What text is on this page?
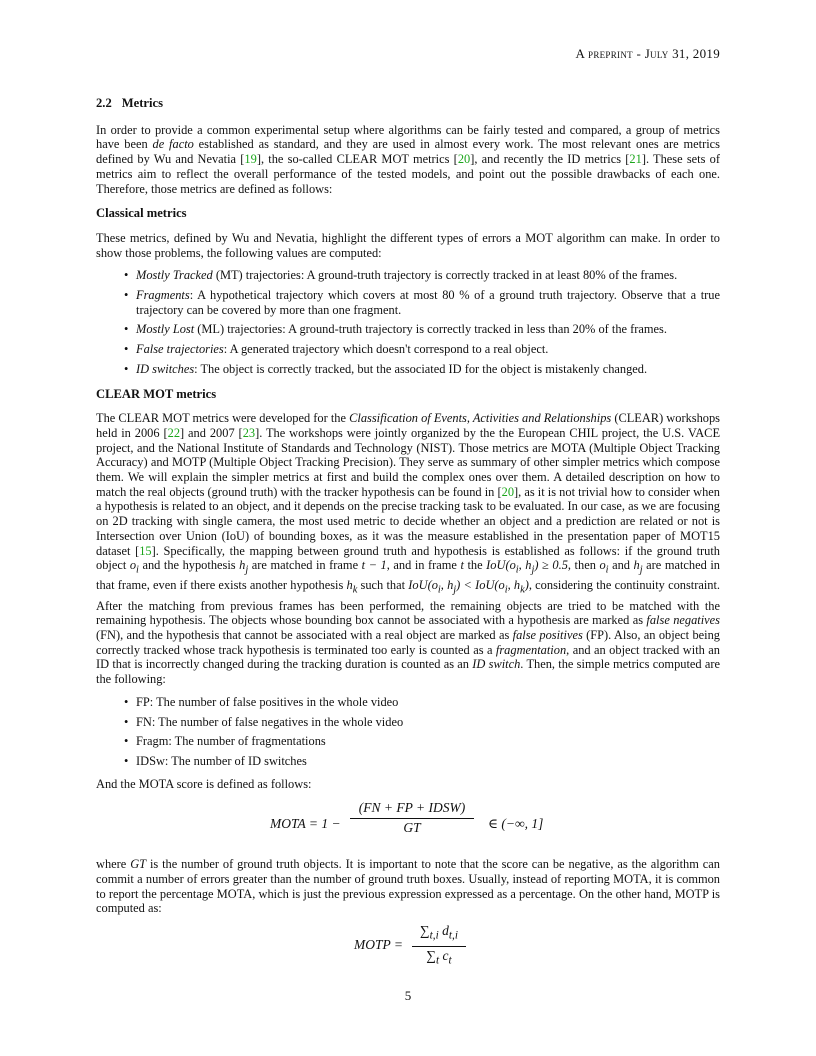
A preprint - July 31, 2019
2.2 Metrics

In order to provide a common experimental setup where algorithms can be fairly tested and compared, a group of metrics have been de facto established as standard, and they are used in almost every work. The most relevant ones are metrics defined by Wu and Nevatia [19], the so-called CLEAR MOT metrics [20], and recently the ID metrics [21]. These sets of metrics aim to reflect the overall performance of the tested models, and point out the possible drawbacks of each one. Therefore, those metrics are defined as follows:

Classical metrics

These metrics, defined by Wu and Nevatia, highlight the different types of errors a MOT algorithm can make. In order to show those problems, the following values are computed:

• Mostly Tracked (MT) trajectories: A ground-truth trajectory is correctly tracked in at least 80% of the frames.
• Fragments: A hypothetical trajectory which covers at most 80 % of a ground truth trajectory. Observe that a true trajectory can be covered by more than one fragment.
• Mostly Lost (ML) trajectories: A ground-truth trajectory is correctly tracked in less than 20% of the frames.
• False trajectories: A generated trajectory which doesn't correspond to a real object.
• ID switches: The object is correctly tracked, but the associated ID for the object is mistakenly changed.
CLEAR MOT metrics

The CLEAR MOT metrics were developed for the Classification of Events, Activities and Relationships (CLEAR) workshops held in 2006 [22] and 2007 [23]. The workshops were jointly organized by the the European CHIL project, the U.S. VACE project, and the National Institute of Standards and Technology (NIST). Those metrics are MOTA (Multiple Object Tracking Accuracy) and MOTP (Multiple Object Tracking Precision). They serve as summary of other simpler metrics which compose them. We will explain the simpler metrics at first and build the complex ones over them. A detailed description on how to match the real objects (ground truth) with the tracker hypothesis can be found in [20], as it is not trivial how to consider when a hypothesis is related to an object, and it depends on the precise tracking task to be evaluated. In our case, as we are focusing on 2D tracking with single camera, the most used metric to decide whether an object and a prediction are related or not is Intersection over Union (IoU) of bounding boxes, as it was the measure established in the presentation paper of MOT15 dataset [15]. Specifically, the mapping between ground truth and hypothesis is established as follows: if the ground truth object $o_i$ and the hypothesis $h_j$ are matched in frame t − 1, and in frame t the $IoU(o_i$, $h_j) \ge 0.5$, then $o_i$ and $h_j$ are matched in that frame, even if there exists another hypothesis $h_k$ such that $IoU(o_i$, $h_j) < IoU(o_i$, $h_k$), considering the continuity constraint. After the matching from previous frames has been performed, the remaining objects are tried to be matched with the remaining hypothesis. The objects whose bounding box cannot be associated with a hypothesis are marked as false negatives (FN), and the hypothesis that cannot be associated with a real object are marked as false positives (FP). Also, an object being correctly tracked whose track hypothesis is terminated too early is counted as a fragmentation, and an object tracked with an ID that is incorrectly changed during the tracking duration is counted as an ID switch. Then, the simple metrics computed are the following:

• FP: The number of false positives in the whole video
• FN: The number of false negatives in the whole video
• Fragm: The number of fragmentations
• IDSw: The number of ID switches

And the MOTA score is defined as follows:

MOTA = 1 −
(FN + FP + IDSW)
GT	∈ (−∞, 1]

where GT is the number of ground truth objects. It is important to note that the score can be negative, as the algorithm can commit a number of errors greater than the number of ground truth boxes. Usually, instead of reporting MOTA, it is common to report the percentage MOTA, which is just the previous expression expressed as a percentage. On the other hand, MOTP is computed as:

MOTP = $\frac{\sum_{t,i} d_{t,i}}{\sum_t c_t}$
5
